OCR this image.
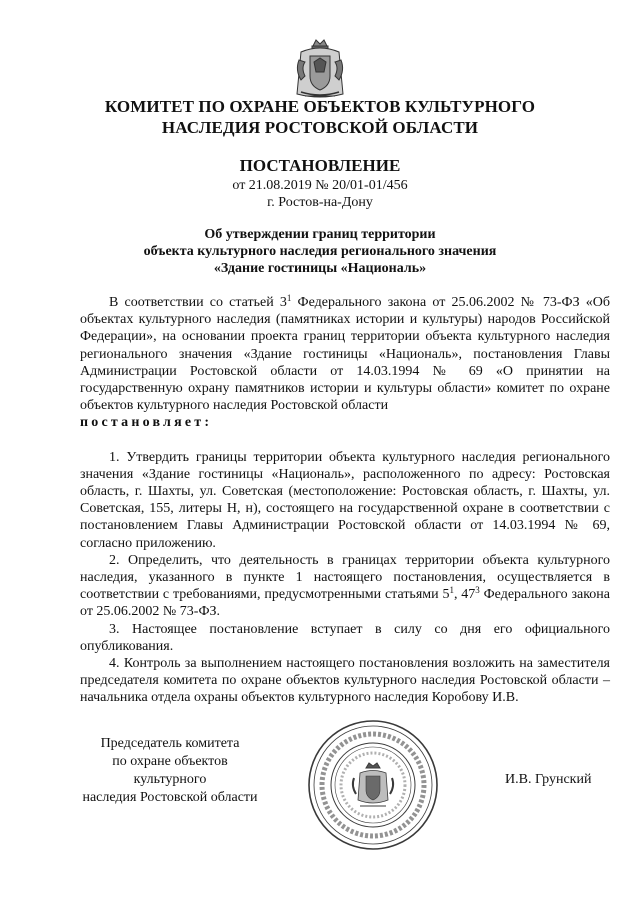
КОМИТЕТ ПО ОХРАНЕ ОБЪЕКТОВ КУЛЬТУРНОГО
НАСЛЕДИЯ РОСТОВСКОЙ ОБЛАСТИ
ПОСТАНОВЛЕНИЕ
от 21.08.2019 № 20/01-01/456
г. Ростов-на-Дону
Об утверждении границ территории
объекта культурного наследия регионального значения
«Здание гостиницы «Националь»

В соответствии со статьей $3^1$ Федерального закона от 25.06.2002 № 73-ФЗ «Об объектах культурного наследия (памятниках истории и культуры) народов Российской Федерации», на основании проекта границ территории объекта культурного наследия регионального значения «Здание гостиницы «Националь», постановления Главы Администрации Ростовской области от 14.03.1994 № 69 «О принятии на государственную охрану памятников истории и культуры области» комитет по охране объектов культурного наследия Ростовской области

постановляет:

1. Утвердить границы территории объекта культурного наследия регионального значения «Здание гостиницы «Националь», расположенного по адресу: Ростовская область, г. Шахты, ул. Советская (местоположение: Ростовская область, г. Шахты, ул. Советская, 155, литеры Н, н), состоящего на государственной охране в соответствии с постановлением Главы Администрации Ростовской области от 14.03.1994 № 69, согласно приложению.

2. Определить, что деятельность в границах территории объекта культурного наследия, указанного в пункте 1 настоящего постановления, осуществляется в соответствии с требованиями, предусмотренными статьями $5^1$, $47^3$ Федерального закона от 25.06.2002 № 73-ФЗ.

3. Настоящее постановление вступает в силу со дня его официального опубликования.

4. Контроль за выполнением настоящего постановления возложить на заместителя председателя комитета по охране объектов культурного наследия Ростовской области – начальника отдела охраны объектов культурного наследия Коробову И.В.

Председатель комитета
по охране объектов культурного
наследия Ростовской области
И.В. Грунский
